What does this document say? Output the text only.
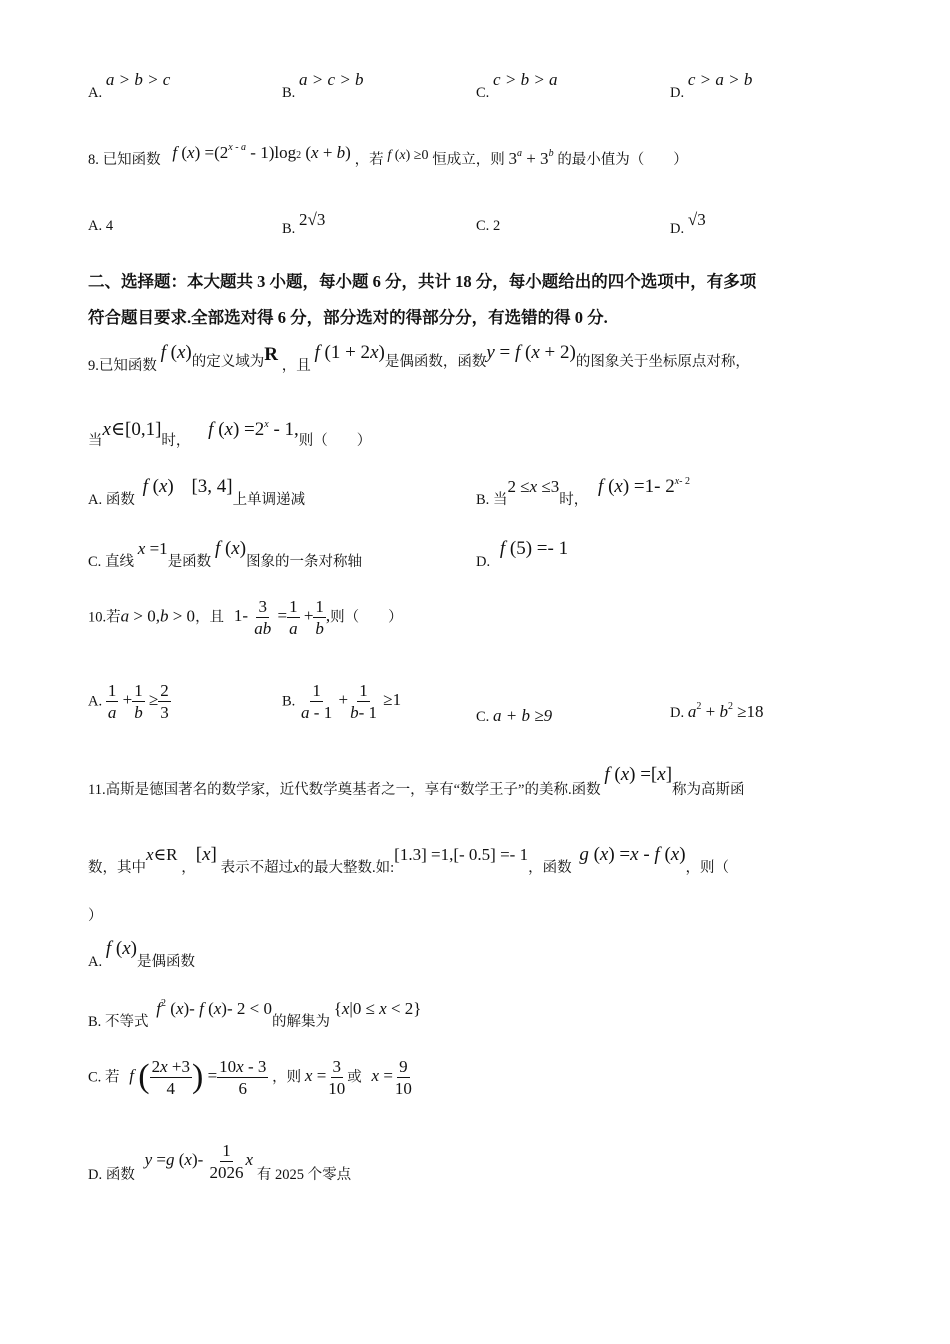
A. a > b > c
B. a > c > b
C. c > b > a
D. c > a > b
8. 已知函数 f $(x) =(2^{x - a} - 1)\log 2$ (x + b) ，若 f (x) ≥0 恒成立，则 $3^a + 3^b$ 的最小值为（　　）
A. 4	B. 2√3	C. 2	D. √3
二、选择题：本大题共 3 小题，每小题 6 分，共计 18 分，每小题给出的四个选项中，有多项
符合题目要求.全部选对得 6 分，部分选对的得部分分，有选错的得 0 分.
9.已知函数 f (x)的定义域为R ，且 f (1 + 2x)是偶函数，函数y = f (x + 2)的图象关于坐标原点对称，
当x∈[0,1]时， f $(x) =2^x - 1$,则（　　）
A. 函数 f (x) [3, 4]上单调递减	B. 当2 ≤x ≤3时， f (x) =1- 2$^{x- 2}$
C. 直线 x =1是函数 f (x)图象的一条对称轴	D. f (5) =- 1
10.若a > 0,b > 0，且 $1- \frac{3}{ab} = \frac{1}{a} + \frac{1}{b}$ ,则（　　）
A. $\frac{1}{a} + \frac{1}{b} \ge \frac{2}{3}$	B. $\frac{1}{a - 1} + \frac{1}{b- 1} \ge 1$
C. a + b ≥9	D. $a^2 + b^2 \ge 18$
11.高斯是德国著名的数学家，近代数学奠基者之一，享有“数学王子”的美称.函数 f (x) =[x]称为高斯函
数，其中x∈R ，[x] 表示不超过x的最大整数.如:[1.3] =1,[- 0.5] =- 1，函数 g (x) =x - f (x)，则（
）
A. f (x)是偶函数
B. 不等式 $f^2$ (x)- f (x)- 2 < 0的解集为 {x|0 ≤ x < 2}
C. 若 f ( $\frac{2x +3}{4}$ ) = $\frac{10x - 3}{6}$ ，则 $x = \frac{3}{10}$ 或 $x = \frac{9}{10}$
D. 函数 y =g $(x)- \frac{1}{2026}$ x 有 2025 个零点
